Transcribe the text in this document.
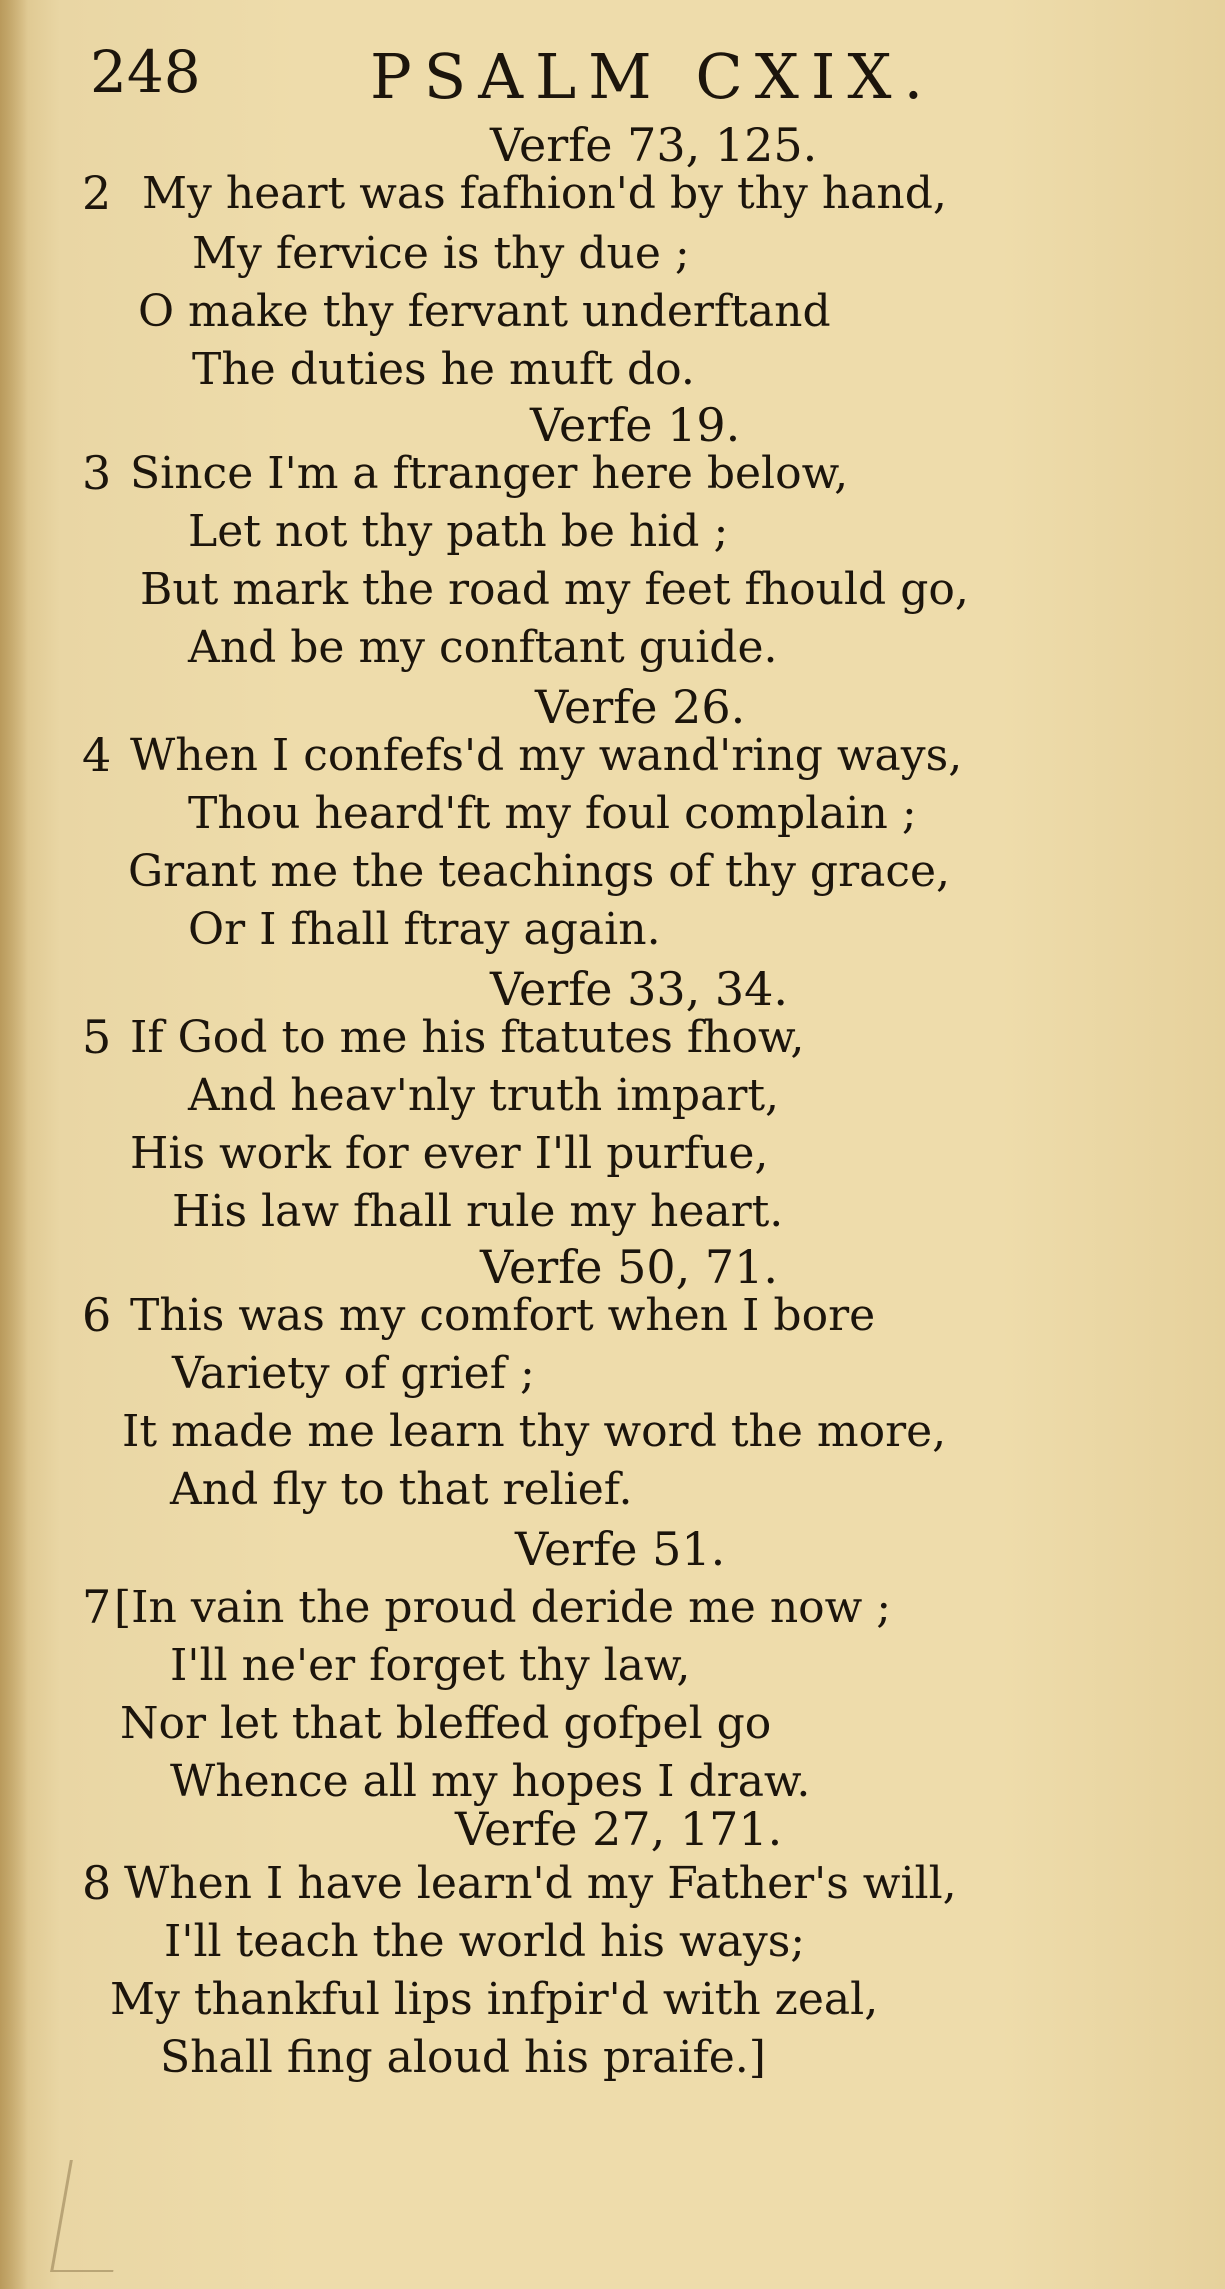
248	PSALM CXIX.
Verfe 73, 125.
2 My heart was fafhion'd by thy hand,
My fervice is thy due ;
O make thy fervant underftand
The duties he muft do.
Verfe 19.
3 Since I'm a ftranger here below,
Let not thy path be hid ;
But mark the road my feet fhould go,
And be my conftant guide.
Verfe 26.
4 When I confefs'd my wand'ring ways,
Thou heard'ft my foul complain ;
Grant me the teachings of thy grace,
Or I fhall ftray again.
Verfe 33, 34.
5 If God to me his ftatutes fhow,
And heav'nly truth impart,
His work for ever I'll purfue,
His law fhall rule my heart.
Verfe 50, 71.
6 This was my comfort when I bore
Variety of grief ;
It made me learn thy word the more,
And fly to that relief.
Verfe 51.
7 [In vain the proud deride me now ;
I'll ne'er forget thy law,
Nor let that bleffed gofpel go
Whence all my hopes I draw.
Verfe 27, 171.
8 When I have learn'd my Father's will,
I'll teach the world his ways;
My thankful lips infpir'd with zeal,
Shall fing aloud his praife.]
